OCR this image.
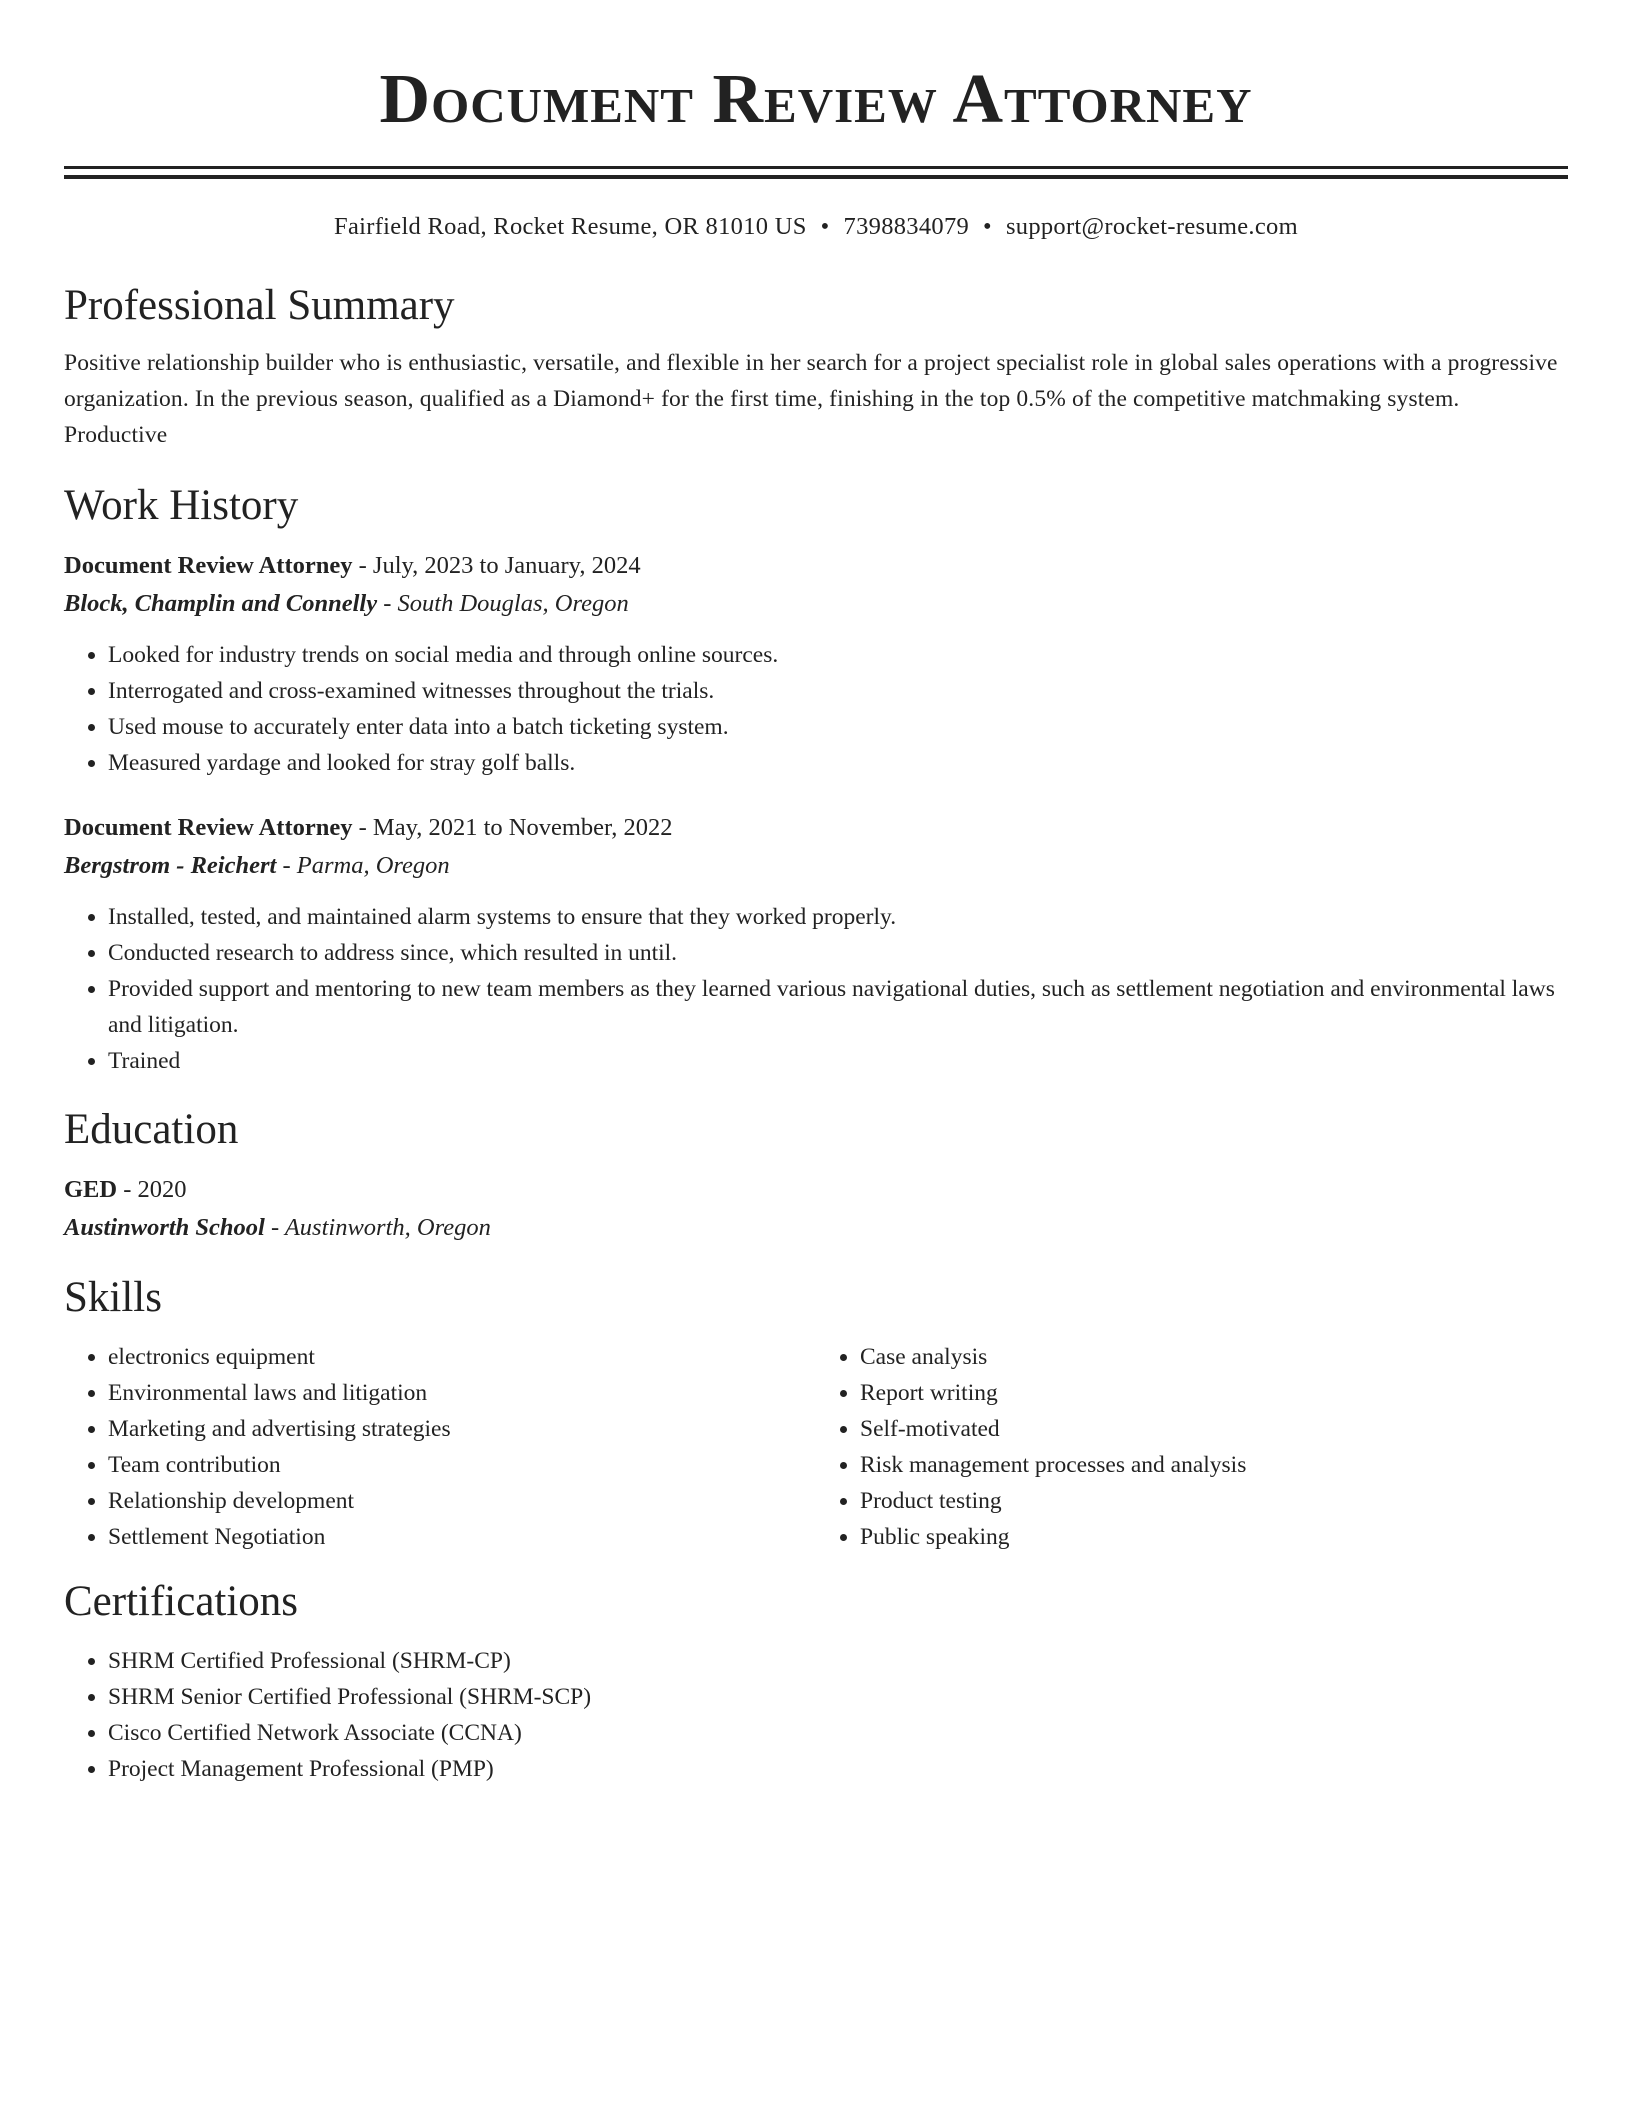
Document Review Attorney
Fairfield Road, Rocket Resume, OR 81010 US • 7398834079 • support@rocket-resume.com
Professional Summary
Positive relationship builder who is enthusiastic, versatile, and flexible in her search for a project specialist role in global sales operations with a progressive organization. In the previous season, qualified as a Diamond+ for the first time, finishing in the top 0.5% of the competitive matchmaking system. Productive
Work History
Document Review Attorney - July, 2023 to January, 2024
Block, Champlin and Connelly - South Douglas, Oregon
• Looked for industry trends on social media and through online sources.
• Interrogated and cross-examined witnesses throughout the trials.
• Used mouse to accurately enter data into a batch ticketing system.
• Measured yardage and looked for stray golf balls.
Document Review Attorney - May, 2021 to November, 2022
Bergstrom - Reichert - Parma, Oregon
• Installed, tested, and maintained alarm systems to ensure that they worked properly.
• Conducted research to address since, which resulted in until.
• Provided support and mentoring to new team members as they learned various navigational duties, such as settlement negotiation and environmental laws and litigation.
• Trained
Education
GED - 2020
Austinworth School - Austinworth, Oregon
Skills
• electronics equipment
• Environmental laws and litigation
• Marketing and advertising strategies
• Team contribution
• Relationship development
• Settlement Negotiation
• Case analysis
• Report writing
• Self-motivated
• Risk management processes and analysis
• Product testing
• Public speaking
Certifications
• SHRM Certified Professional (SHRM-CP)
• SHRM Senior Certified Professional (SHRM-SCP)
• Cisco Certified Network Associate (CCNA)
• Project Management Professional (PMP)
